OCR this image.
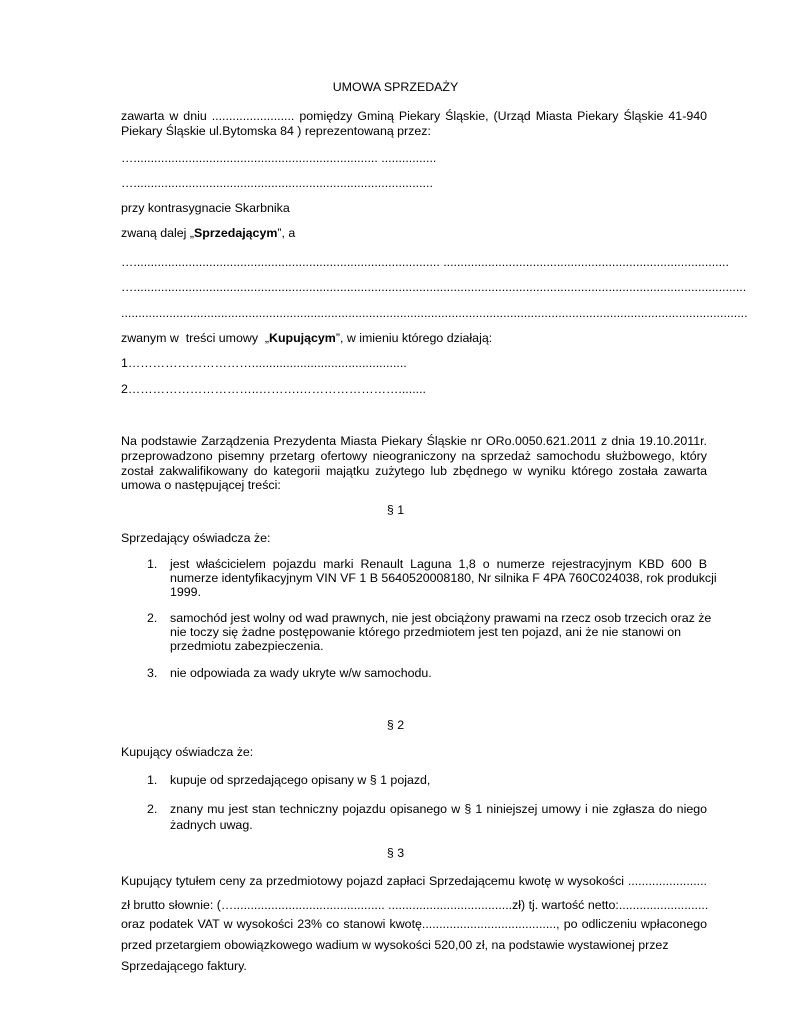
UMOWA SPRZEDAŻY
zawarta w dniu ........................ pomiędzy Gminą Piekary Śląskie, (Urząd Miasta Piekary Śląskie 41-940
Piekary Śląskie ul.Bytomska 84 ) reprezentowaną przez:
…....................................................................... ................
….......................................................................................
przy kontrasygnacie Skarbnika
zwaną dalej „Sprzedającym”, a
…......................................................................................... ...................................................................................
…..................................................................................................................................................................................
......................................................................................................................................................................................
zwanym w  treści umowy  „Kupującym”, w imieniu którego działają:
1………………………….............................................
2…………………………..……….……………………........
Na podstawie Zarządzenia Prezydenta Miasta Piekary Śląskie nr ORo.0050.621.2011 z dnia 19.10.2011r.
przeprowadzono pisemny przetarg ofertowy nieograniczony na sprzedaż samochodu służbowego, który
został zakwalifikowany do kategorii majątku zużytego lub zbędnego w wyniku którego została zawarta
umowa o następującej treści:
§ 1
Sprzedający oświadcza że:
1. jest właścicielem pojazdu marki Renault Laguna 1,8 o numerze rejestracyjnym KBD 600 B
numerze identyfikacyjnym VIN VF 1 B 5640520008180, Nr silnika F 4PA 760C024038, rok produkcji
1999.
2. samochód jest wolny od wad prawnych, nie jest obciążony prawami na rzecz osob trzecich oraz że
nie toczy się żadne postępowanie którego przedmiotem jest ten pojazd, ani że nie stanowi on
przedmiotu zabezpieczenia.
3. nie odpowiada za wady ukryte w/w samochodu.
§ 2
Kupujący oświadcza że:
1. kupuje od sprzedającego opisany w § 1 pojazd,
2. znany mu jest stan techniczny pojazdu opisanego w § 1 niniejszej umowy i nie zgłasza do niego
żadnych uwag.
§ 3
Kupujący tytułem ceny za przedmiotowy pojazd zapłaci Sprzedającemu kwotę w wysokości .......................
zł brutto słownie: (…............................................ ....................................zł) tj. wartość netto:..........................
oraz podatek VAT w wysokości 23% co stanowi kwotę......................................., po odliczeniu wpłaconego
przed przetargiem obowiązkowego wadium w wysokości 520,00 zł, na podstawie wystawionej przez
Sprzedającego faktury.
